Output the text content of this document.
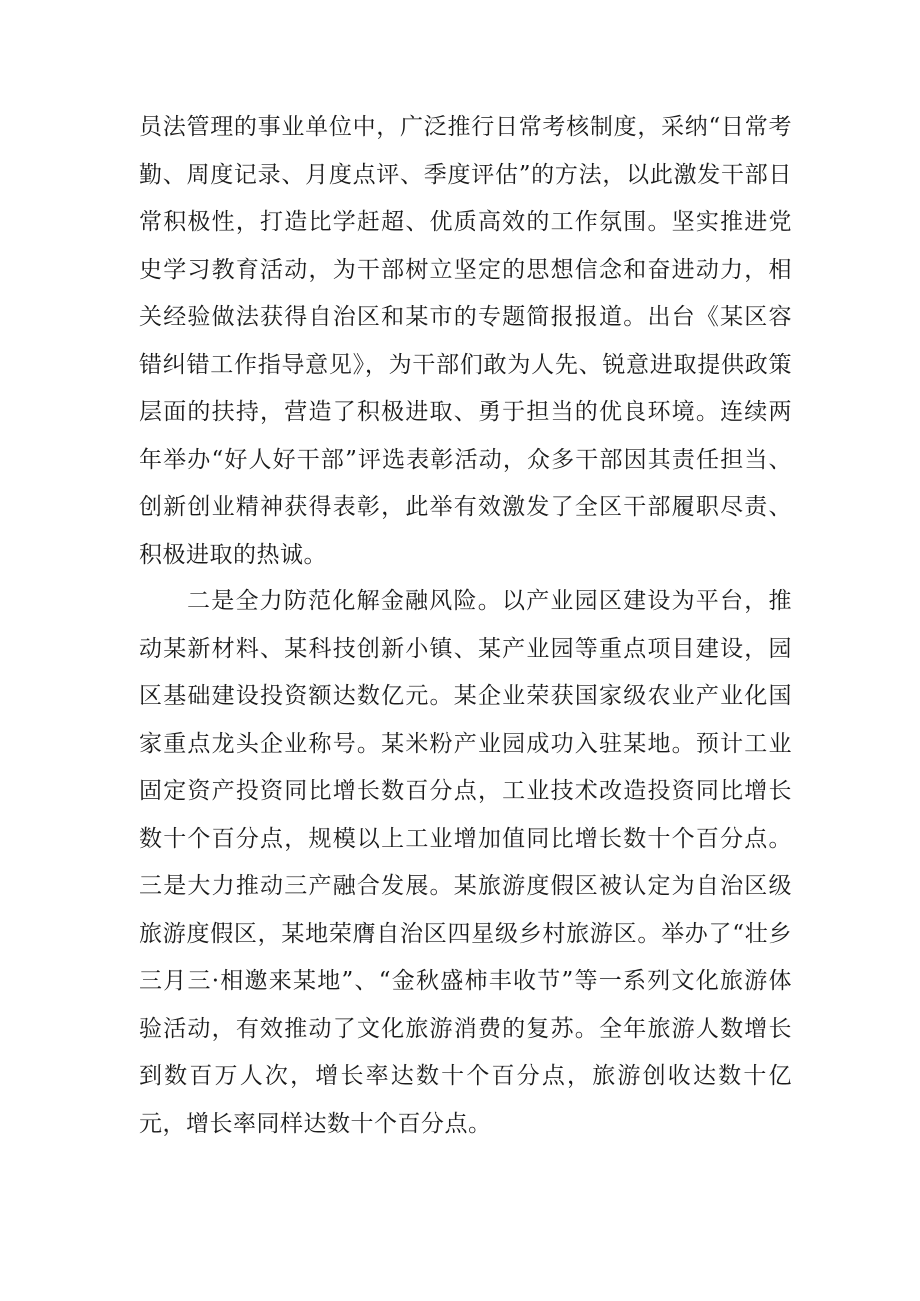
员法管理的事业单位中，广泛推行日常考核制度，采纳“日常考勤、周度记录、月度点评、季度评估”的方法，以此激发干部日常积极性，打造比学赶超、优质高效的工作氛围。坚实推进党史学习教育活动，为干部树立坚定的思想信念和奋进动力，相关经验做法获得自治区和某市的专题简报报道。出台《某区容错纠错工作指导意见》，为干部们敢为人先、锐意进取提供政策层面的扶持，营造了积极进取、勇于担当的优良环境。连续两年举办“好人好干部”评选表彰活动，众多干部因其责任担当、创新创业精神获得表彰，此举有效激发了全区干部履职尽责、积极进取的热诚。

二是全力防范化解金融风险。以产业园区建设为平台，推动某新材料、某科技创新小镇、某产业园等重点项目建设，园区基础建设投资额达数亿元。某企业荣获国家级农业产业化国家重点龙头企业称号。某米粉产业园成功入驻某地。预计工业固定资产投资同比增长数百分点，工业技术改造投资同比增长数十个百分点，规模以上工业增加值同比增长数十个百分点。三是大力推动三产融合发展。某旅游度假区被认定为自治区级旅游度假区，某地荣膺自治区四星级乡村旅游区。举办了“壮乡三月三·相邀来某地”、“金秋盛柿丰收节”等一系列文化旅游体验活动，有效推动了文化旅游消费的复苏。全年旅游人数增长到数百万人次，增长率达数十个百分点，旅游创收达数十亿元，增长率同样达数十个百分点。
